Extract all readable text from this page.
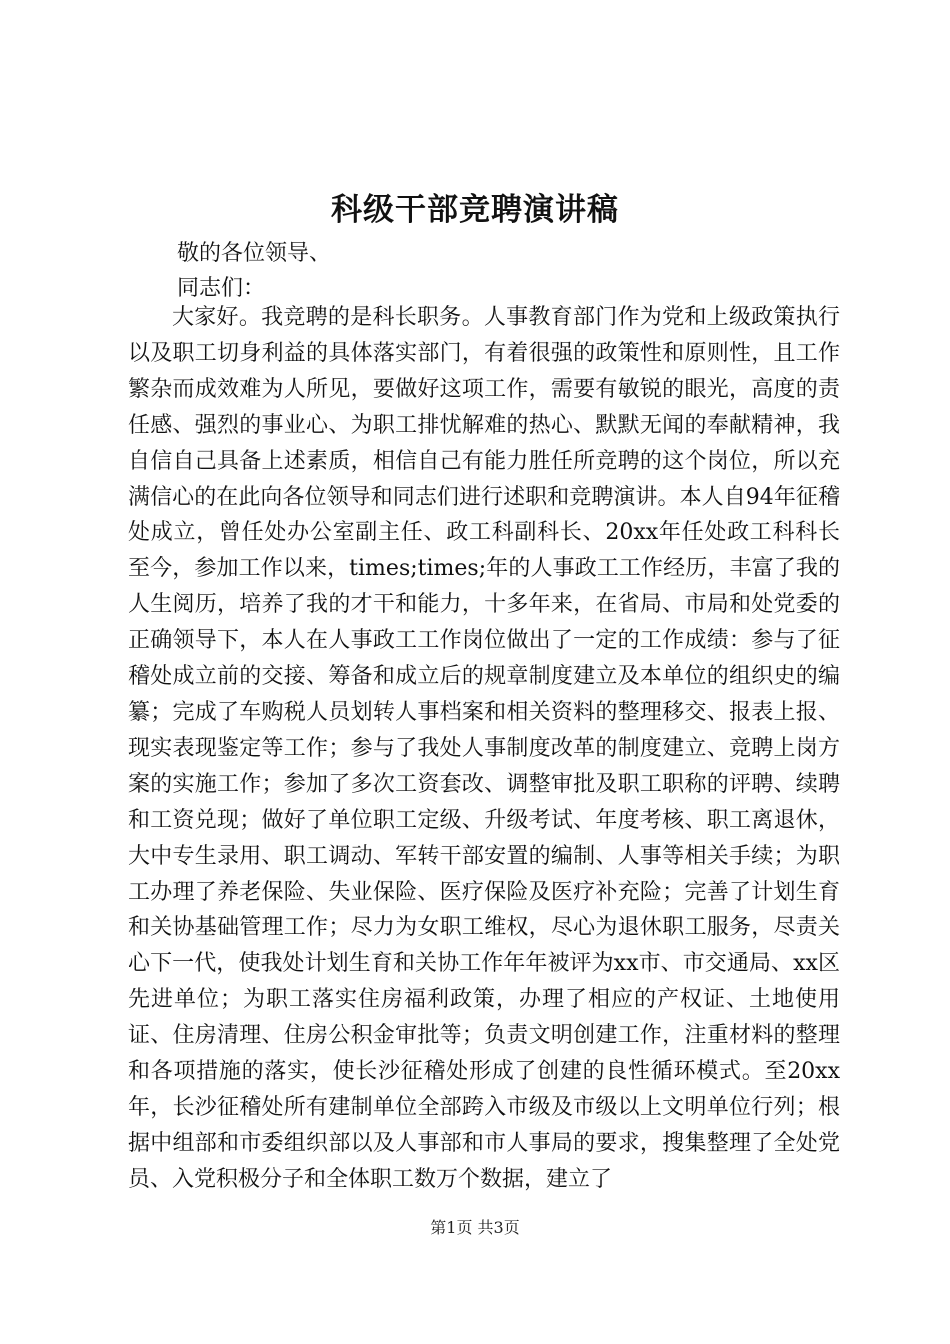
科级干部竞聘演讲稿

敬的各位领导、

同志们：

大家好。我竞聘的是科长职务。人事教育部门作为党和上级政策执行以及职工切身利益的具体落实部门，有着很强的政策性和原则性，且工作繁杂而成效难为人所见，要做好这项工作，需要有敏锐的眼光，高度的责任感、强烈的事业心、为职工排忧解难的热心、默默无闻的奉献精神，我自信自己具备上述素质，相信自己有能力胜任所竞聘的这个岗位，所以充满信心的在此向各位领导和同志们进行述职和竞聘演讲。本人自94年征稽处成立，曾任处办公室副主任、政工科副科长、20xx年任处政工科科长至今，参加工作以来，times;times;年的人事政工工作经历，丰富了我的人生阅历，培养了我的才干和能力，十多年来，在省局、市局和处党委的正确领导下，本人在人事政工工作岗位做出了一定的工作成绩：参与了征稽处成立前的交接、筹备和成立后的规章制度建立及本单位的组织史的编纂；完成了车购税人员划转人事档案和相关资料的整理移交、报表上报、现实表现鉴定等工作；参与了我处人事制度改革的制度建立、竞聘上岗方案的实施工作；参加了多次工资套改、调整审批及职工职称的评聘、续聘和工资兑现；做好了单位职工定级、升级考试、年度考核、职工离退休，大中专生录用、职工调动、军转干部安置的编制、人事等相关手续；为职工办理了养老保险、失业保险、医疗保险及医疗补充险；完善了计划生育和关协基础管理工作；尽力为女职工维权，尽心为退休职工服务，尽责关心下一代，使我处计划生育和关协工作年年被评为xx市、市交通局、xx区先进单位；为职工落实住房福利政策，办理了相应的产权证、土地使用证、住房清理、住房公积金审批等；负责文明创建工作，注重材料的整理和各项措施的落实，使长沙征稽处形成了创建的良性循环模式。至20xx年，长沙征稽处所有建制单位全部跨入市级及市级以上文明单位行列；根据中组部和市委组织部以及人事部和市人事局的要求，搜集整理了全处党员、入党积极分子和全体职工数万个数据，建立了

第1页 共3页
